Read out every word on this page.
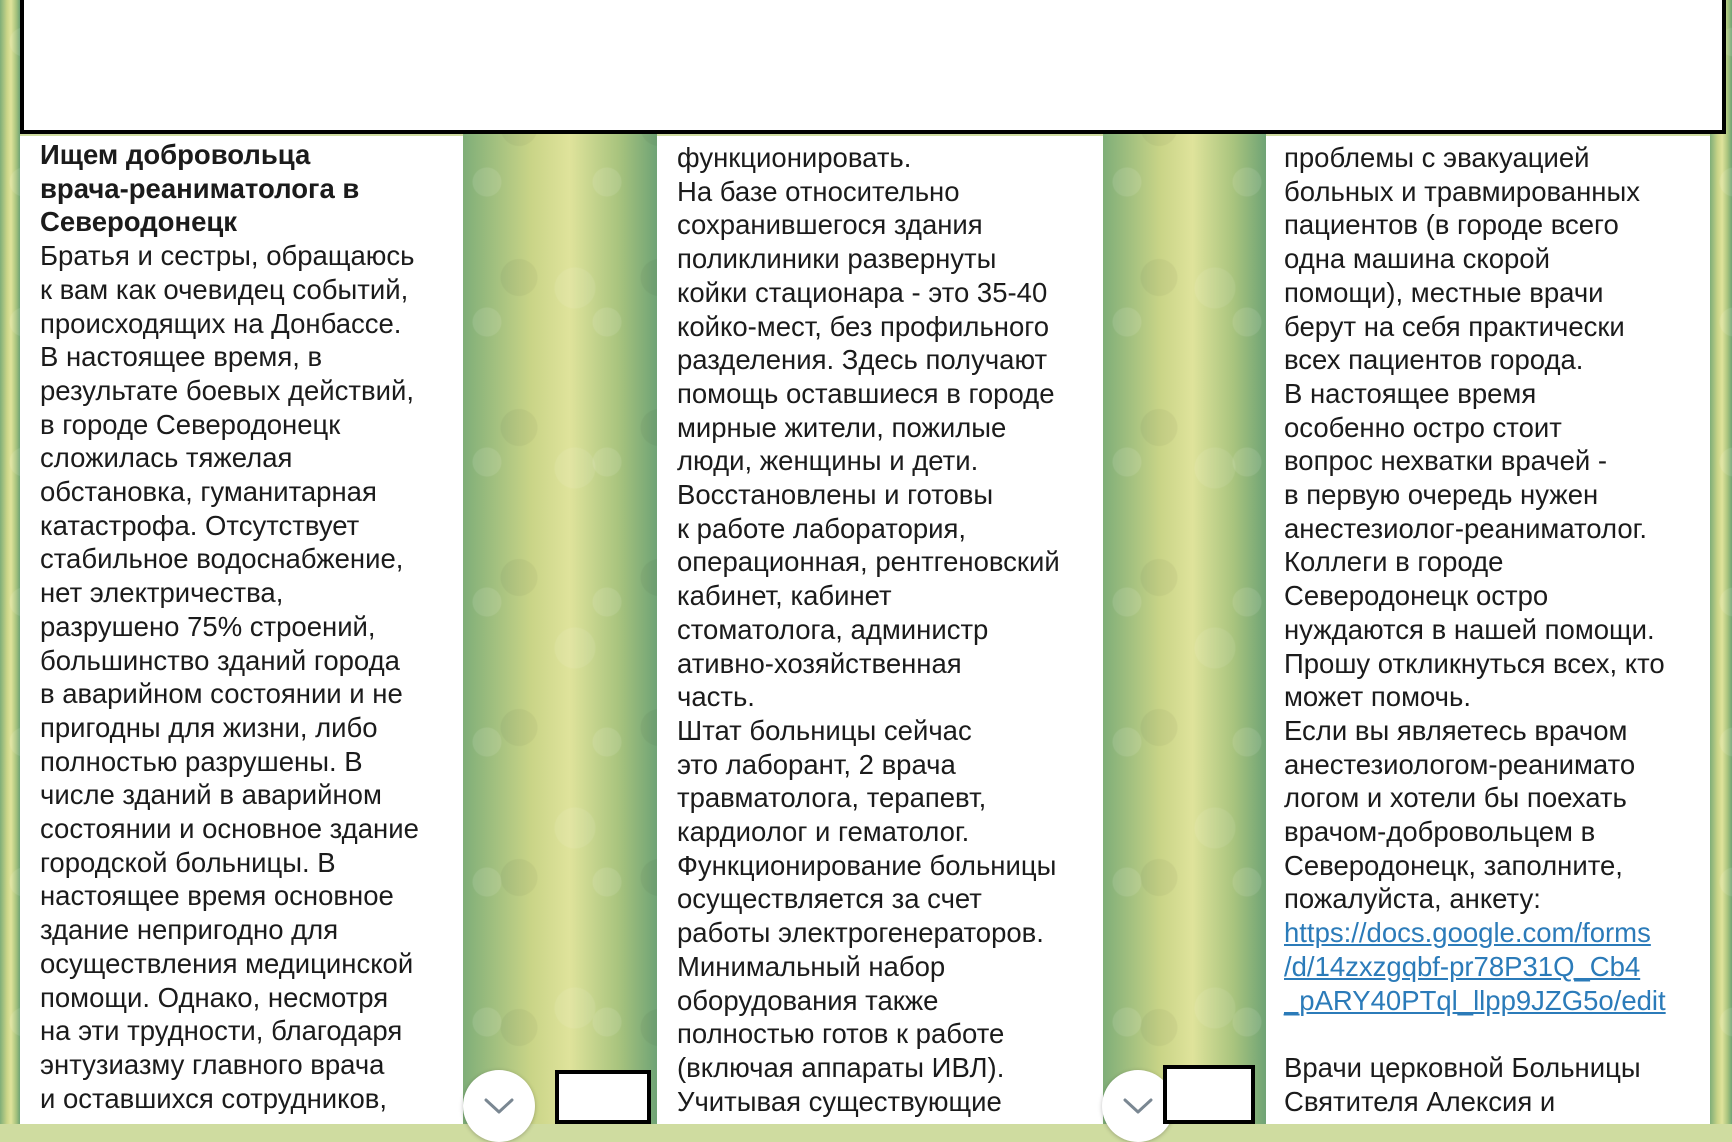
Ищем добровольца
врача-реаниматолога в
Северодонецк
Братья и сестры, обращаюсь
к вам как очевидец событий,
происходящих на Донбассе.
В настоящее время, в
результате боевых действий,
в городе Северодонецк
сложилась тяжелая
обстановка, гуманитарная
катастрофа. Отсутствует
стабильное водоснабжение,
нет электричества,
разрушено 75% строений,
большинство зданий города
в аварийном состоянии и не
пригодны для жизни, либо
полностью разрушены. В
числе зданий в аварийном
состоянии и основное здание
городской больницы. В
настоящее время основное
здание непригодно для
осуществления медицинской
помощи. Однако, несмотря
на эти трудности, благодаря
энтузиазму главного врача
и оставшихся сотрудников,
функционировать.
На базе относительно
сохранившегося здания
поликлиники развернуты
койки стационара - это 35-40
койко-мест, без профильного
разделения. Здесь получают
помощь оставшиеся в городе
мирные жители, пожилые
люди, женщины и дети.
Восстановлены и готовы
к работе лаборатория,
операционная, рентгеновский
кабинет, кабинет
стоматолога, администр
ативно-хозяйственная
часть.
Штат больницы сейчас
это лаборант, 2 врача
травматолога, терапевт,
кардиолог и гематолог.
Функционирование больницы
осуществляется за счет
работы электрогенераторов.
Минимальный набор
оборудования также
полностью готов к работе
(включая аппараты ИВЛ).
Учитывая существующие
проблемы с эвакуацией
больных и травмированных
пациентов (в городе всего
одна машина скорой
помощи), местные врачи
берут на себя практически
всех пациентов города.
В настоящее время
особенно остро стоит
вопрос нехватки врачей -
в первую очередь нужен
анестезиолог-реаниматолог.
Коллеги в городе
Северодонецк остро
нуждаются в нашей помощи.
Прошу откликнуться всех, кто
может помочь.
Если вы являетесь врачом
анестезиологом-реанимато
логом и хотели бы поехать
врачом-добровольцем в
Северодонецк, заполните,
пожалуйста, анкету:
https://docs.google.com/forms
/d/14zxzgqbf-pr78P31Q_Cb4
_pARY40PTql_llpp9JZG5o/edit
Врачи церковной Больницы
Святителя Алексия и
